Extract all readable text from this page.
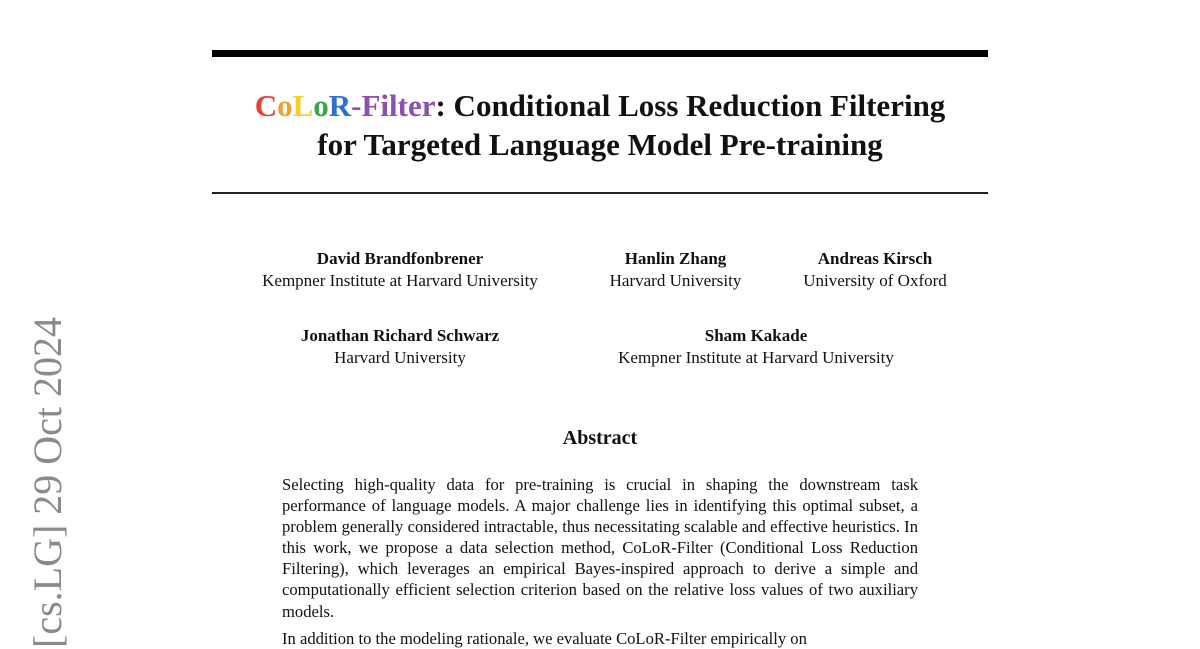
CoLoR-Filter: Conditional Loss Reduction Filtering
for Targeted Language Model Pre-training
David Brandfonbrener
Kempner Institute at Harvard University
Hanlin Zhang
Harvard University
Andreas Kirsch
University of Oxford
Jonathan Richard Schwarz
Harvard University
Sham Kakade
Kempner Institute at Harvard University
Abstract

Selecting high-quality data for pre-training is crucial in shaping the downstream task performance of language models. A major challenge lies in identifying this optimal subset, a problem generally considered intractable, thus necessitating scalable and effective heuristics. In this work, we propose a data selection method, CoLoR-Filter (Conditional Loss Reduction Filtering), which leverages an empirical Bayes-inspired approach to derive a simple and computationally efficient selection criterion based on the relative loss values of two auxiliary models.

In addition to the modeling rationale, we evaluate CoLoR-Filter empirically on

[cs.LG] 29 Oct 2024
